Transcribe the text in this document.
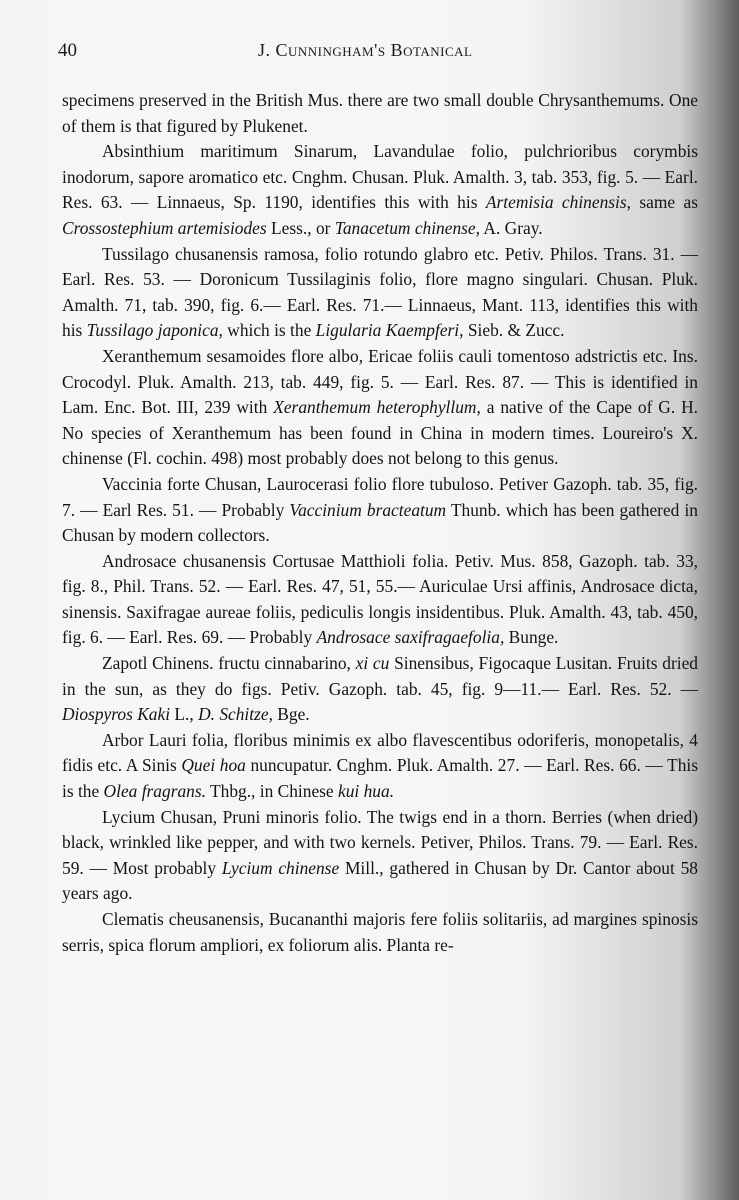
40	J. Cunningham's Botanical

specimens preserved in the British Mus. there are two small double Chrysanthemums. One of them is that figured by Plukenet.

Absinthium maritimum Sinarum, Lavandulae folio, pulchrioribus corymbis inodorum, sapore aromatico etc. Cnghm. Chusan. Pluk. Amalth. 3, tab. 353, fig. 5. — Earl. Res. 63. — Linnaeus, Sp. 1190, identifies this with his Artemisia chinensis, same as Crossostephium artemisiodes Less., or Tanacetum chinense, A. Gray.

Tussilago chusanensis ramosa, folio rotundo glabro etc. Petiv. Philos. Trans. 31. — Earl. Res. 53. — Doronicum Tussilaginis folio, flore magno singulari. Chusan. Pluk. Amalth. 71, tab. 390, fig. 6.— Earl. Res. 71.— Linnaeus, Mant. 113, identifies this with his Tussilago japonica, which is the Ligularia Kaempferi, Sieb. & Zucc.

Xeranthemum sesamoides flore albo, Ericae foliis cauli tomentoso adstrictis etc. Ins. Crocodyl. Pluk. Amalth. 213, tab. 449, fig. 5. — Earl. Res. 87. — This is identified in Lam. Enc. Bot. III, 239 with Xeranthemum heterophyllum, a native of the Cape of G. H. No species of Xeranthemum has been found in China in modern times. Loureiro's X. chinense (Fl. cochin. 498) most probably does not belong to this genus.

Vaccinia forte Chusan, Laurocerasi folio flore tubuloso. Petiver Gazoph. tab. 35, fig. 7. — Earl Res. 51. — Probably Vaccinium bracteatum Thunb. which has been gathered in Chusan by modern collectors.

Androsace chusanensis Cortusae Matthioli folia. Petiv. Mus. 858, Gazoph. tab. 33, fig. 8., Phil. Trans. 52. — Earl. Res. 47, 51, 55.— Auriculae Ursi affinis, Androsace dicta, sinensis. Saxifragae aureae foliis, pediculis longis insidentibus. Pluk. Amalth. 43, tab. 450, fig. 6. — Earl. Res. 69. — Probably Androsace saxifragaefolia, Bunge.

Zapotl Chinens. fructu cinnabarino, xi cu Sinensibus, Figocaque Lusitan. Fruits dried in the sun, as they do figs. Petiv. Gazoph. tab. 45, fig. 9—11.— Earl. Res. 52. — Diospyros Kaki L., D. Schitze, Bge.

Arbor Lauri folia, floribus minimis ex albo flavescentibus odoriferis, monopetalis, 4 fidis etc. A Sinis Quei hoa nuncupatur. Cnghm. Pluk. Amalth. 27. — Earl. Res. 66. — This is the Olea fragrans. Thbg., in Chinese kui hua.

Lycium Chusan, Pruni minoris folio. The twigs end in a thorn. Berries (when dried) black, wrinkled like pepper, and with two kernels. Petiver, Philos. Trans. 79. — Earl. Res. 59. — Most probably Lycium chinense Mill., gathered in Chusan by Dr. Cantor about 58 years ago.

Clematis cheusanensis, Bucananthi majoris fere foliis solitariis, ad margines spinosis serris, spica florum ampliori, ex foliorum alis. Planta re-
